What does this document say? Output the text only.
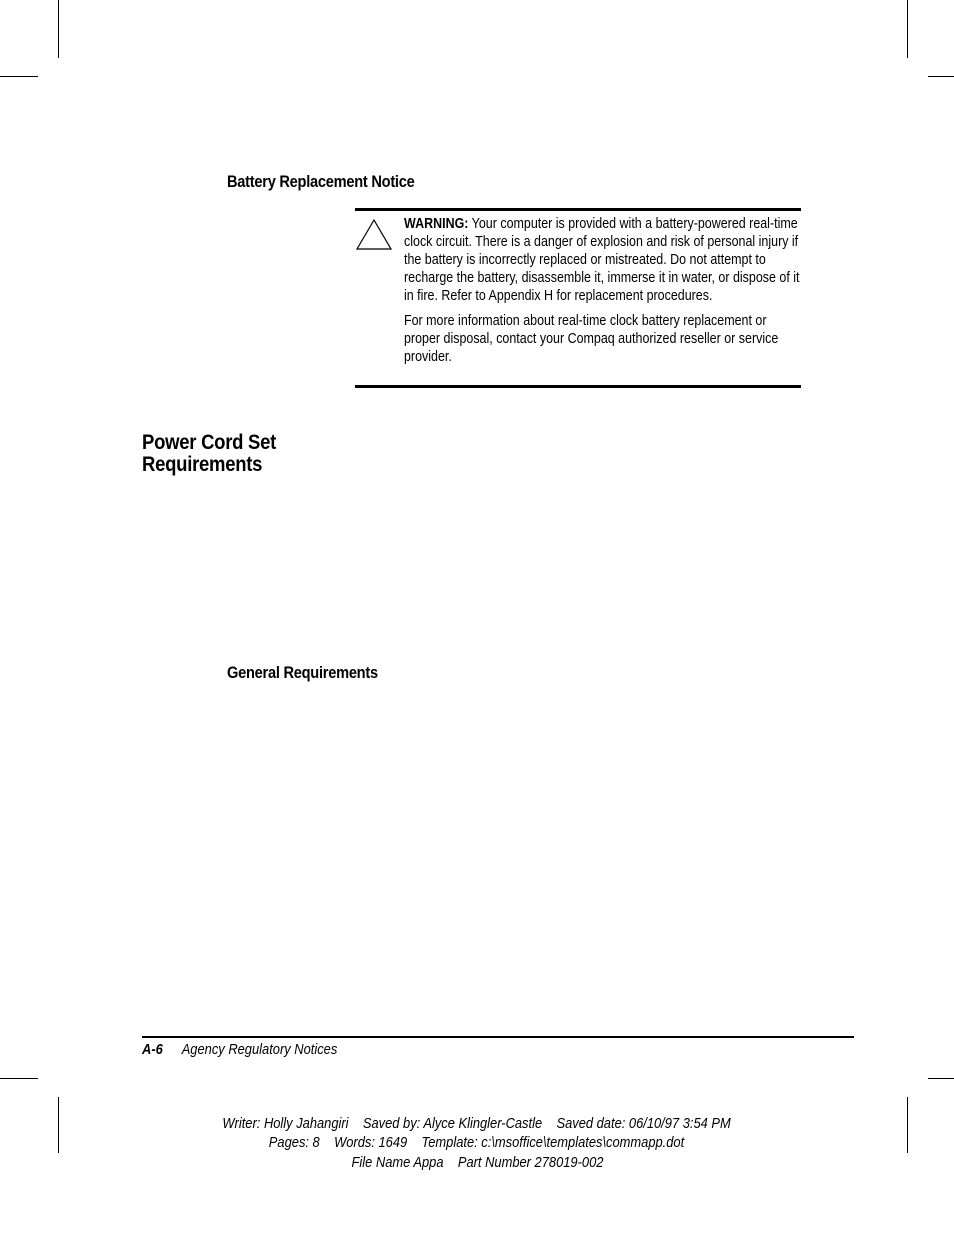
Battery Replacement Notice

WARNING: Your computer is provided with a battery-powered real-time clock circuit. There is a danger of explosion and risk of personal injury if the battery is incorrectly replaced or mistreated. Do not attempt to recharge the battery, disassemble it, immerse it in water, or dispose of it in fire. Refer to Appendix H for replacement procedures.

For more information about real-time clock battery replacement or proper disposal, contact your Compaq authorized reseller or service provider.

Power Cord Set
Requirements
General Requirements
A-6 Agency Regulatory Notices
Writer: Holly Jahangiri    Saved by: Alyce Klingler-Castle    Saved date: 06/10/97 3:54 PM
Pages: 8    Words: 1649    Template: c:\msoffice\templates\commapp.dot
File Name Appa    Part Number 278019-002
